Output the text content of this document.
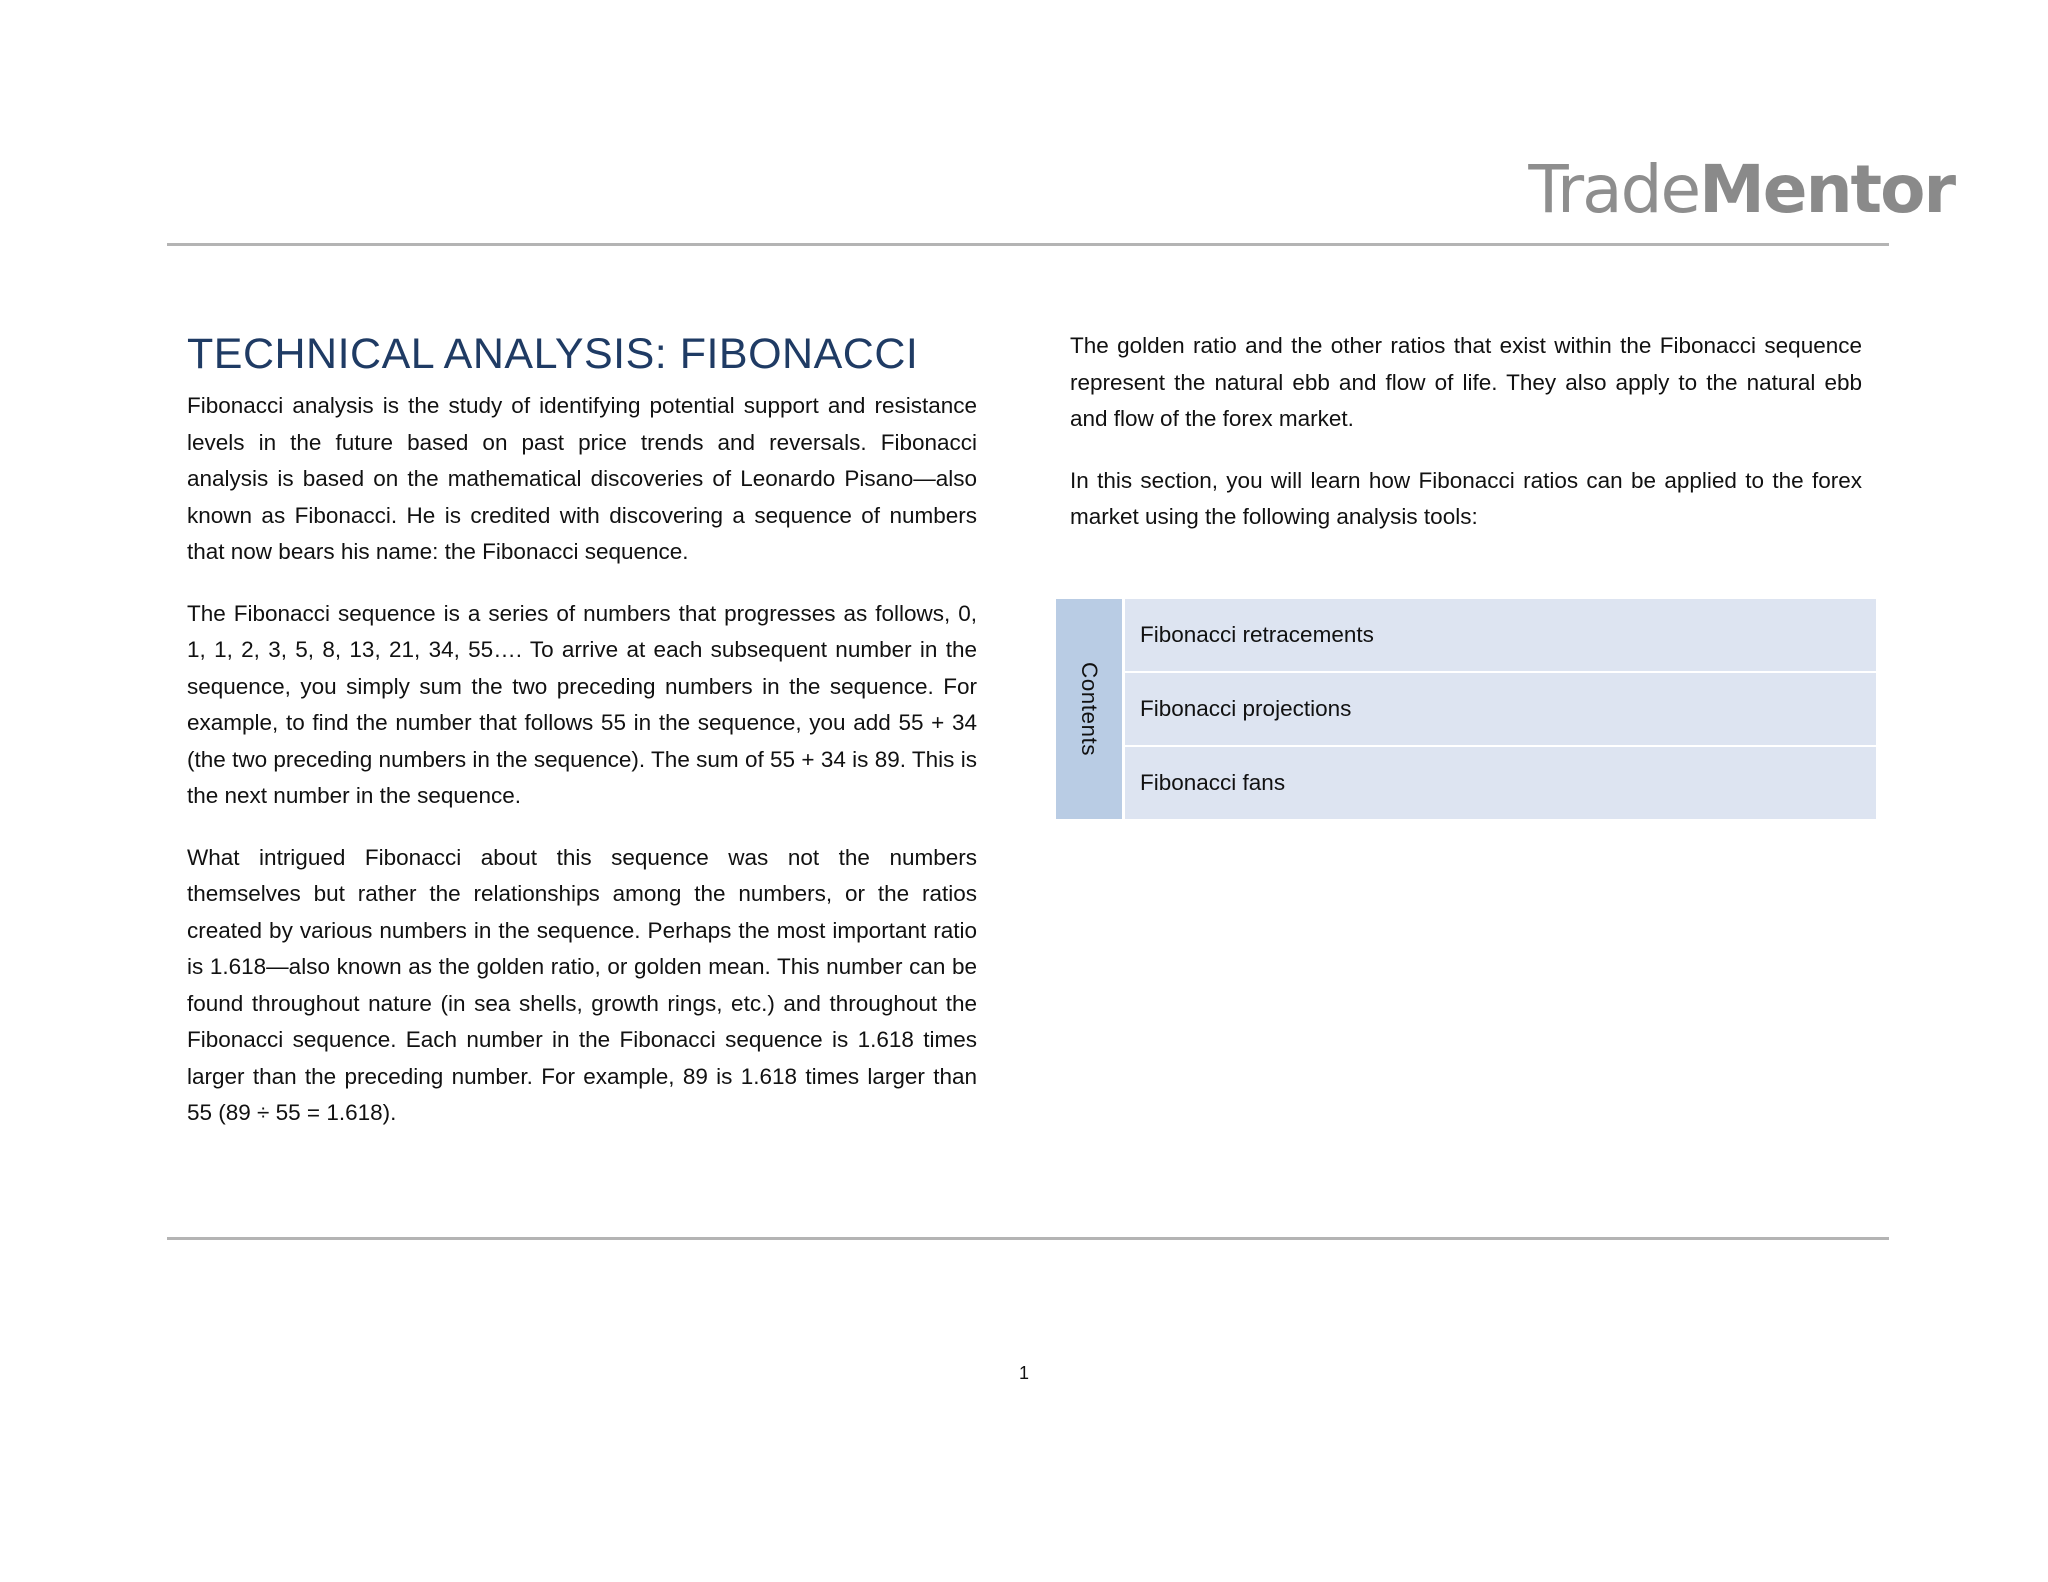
TradeMentor
TECHNICAL ANALYSIS: FIBONACCI

Fibonacci analysis is the study of identifying potential support and resistance levels in the future based on past price trends and reversals. Fibonacci analysis is based on the mathematical discoveries of Leonardo Pisano—also known as Fibonacci. He is credited with discovering a sequence of numbers that now bears his name: the Fibonacci sequence.

The Fibonacci sequence is a series of numbers that progresses as follows, 0, 1, 1, 2, 3, 5, 8, 13, 21, 34, 55…. To arrive at each subsequent number in the sequence, you simply sum the two preceding numbers in the sequence. For example, to find the number that follows 55 in the sequence, you add 55 + 34 (the two preceding numbers in the sequence). The sum of 55 + 34 is 89. This is the next number in the sequence.

What intrigued Fibonacci about this sequence was not the numbers themselves but rather the relationships among the numbers, or the ratios created by various numbers in the sequence. Perhaps the most important ratio is 1.618—also known as the golden ratio, or golden mean. This number can be found throughout nature (in sea shells, growth rings, etc.) and throughout the Fibonacci sequence. Each number in the Fibonacci sequence is 1.618 times larger than the preceding number. For example, 89 is 1.618 times larger than 55 (89 ÷ 55 = 1.618).

The golden ratio and the other ratios that exist within the Fibonacci sequence represent the natural ebb and flow of life. They also apply to the natural ebb and flow of the forex market.

In this section, you will learn how Fibonacci ratios can be applied to the forex market using the following analysis tools:

Contents
Fibonacci retracements
Fibonacci projections
Fibonacci fans
1
